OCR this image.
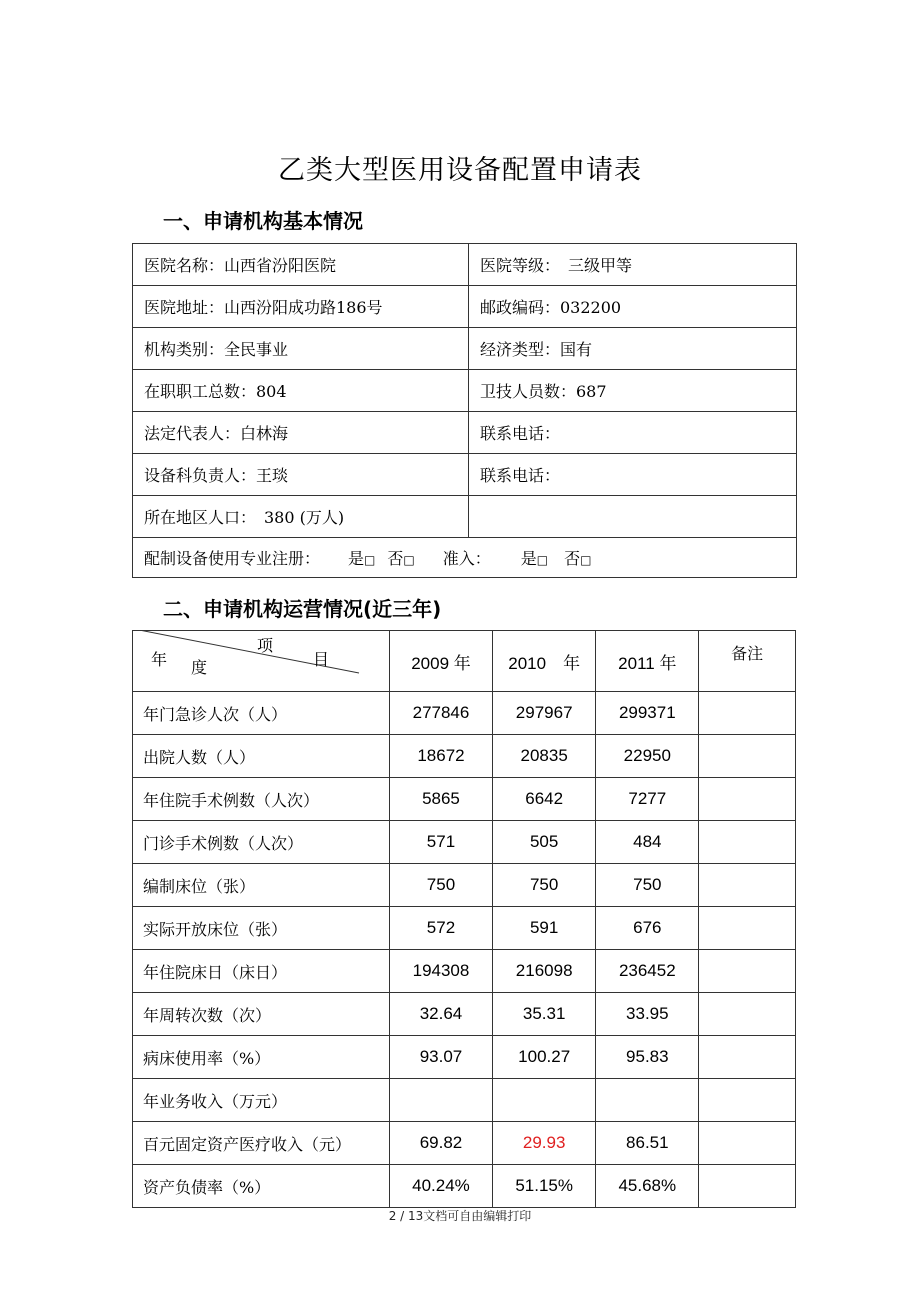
乙类大型医用设备配置申请表
一、申请机构基本情况
医院名称：山西省汾阳医院	医院等级：　三级甲等
医院地址：山西汾阳成功路186号	邮政编码：032200
机构类别：全民事业	经济类型：国有
在职职工总数：804	卫技人员数：687
法定代表人：白林海	联系电话：
设备科负责人：王琰	联系电话：
所在地区人口：　380 (万人)	
配制设备使用专业注册： 是□ 否□ 准入： 是□ 否□	
二、申请机构运营情况(近三年)
项
目
年 度	2009 年	2010　年	2011 年	备注
年门急诊人次（人）	277846	297967	299371	
出院人数（人）	18672	20835	22950	
年住院手术例数（人次）	5865	6642	7277	
门诊手术例数（人次）	571	505	484	
编制床位（张）	750	750	750	
实际开放床位（张）	572	591	676	
年住院床日（床日）	194308	216098	236452	
年周转次数（次）	32.64	35.31	33.95	
病床使用率（%）	93.07	100.27	95.83	
年业务收入（万元）				
百元固定资产医疗收入（元）	69.82	29.93	86.51	
资产负债率（%）	40.24%	51.15%	45.68%	
2 / 13文档可自由编辑打印
